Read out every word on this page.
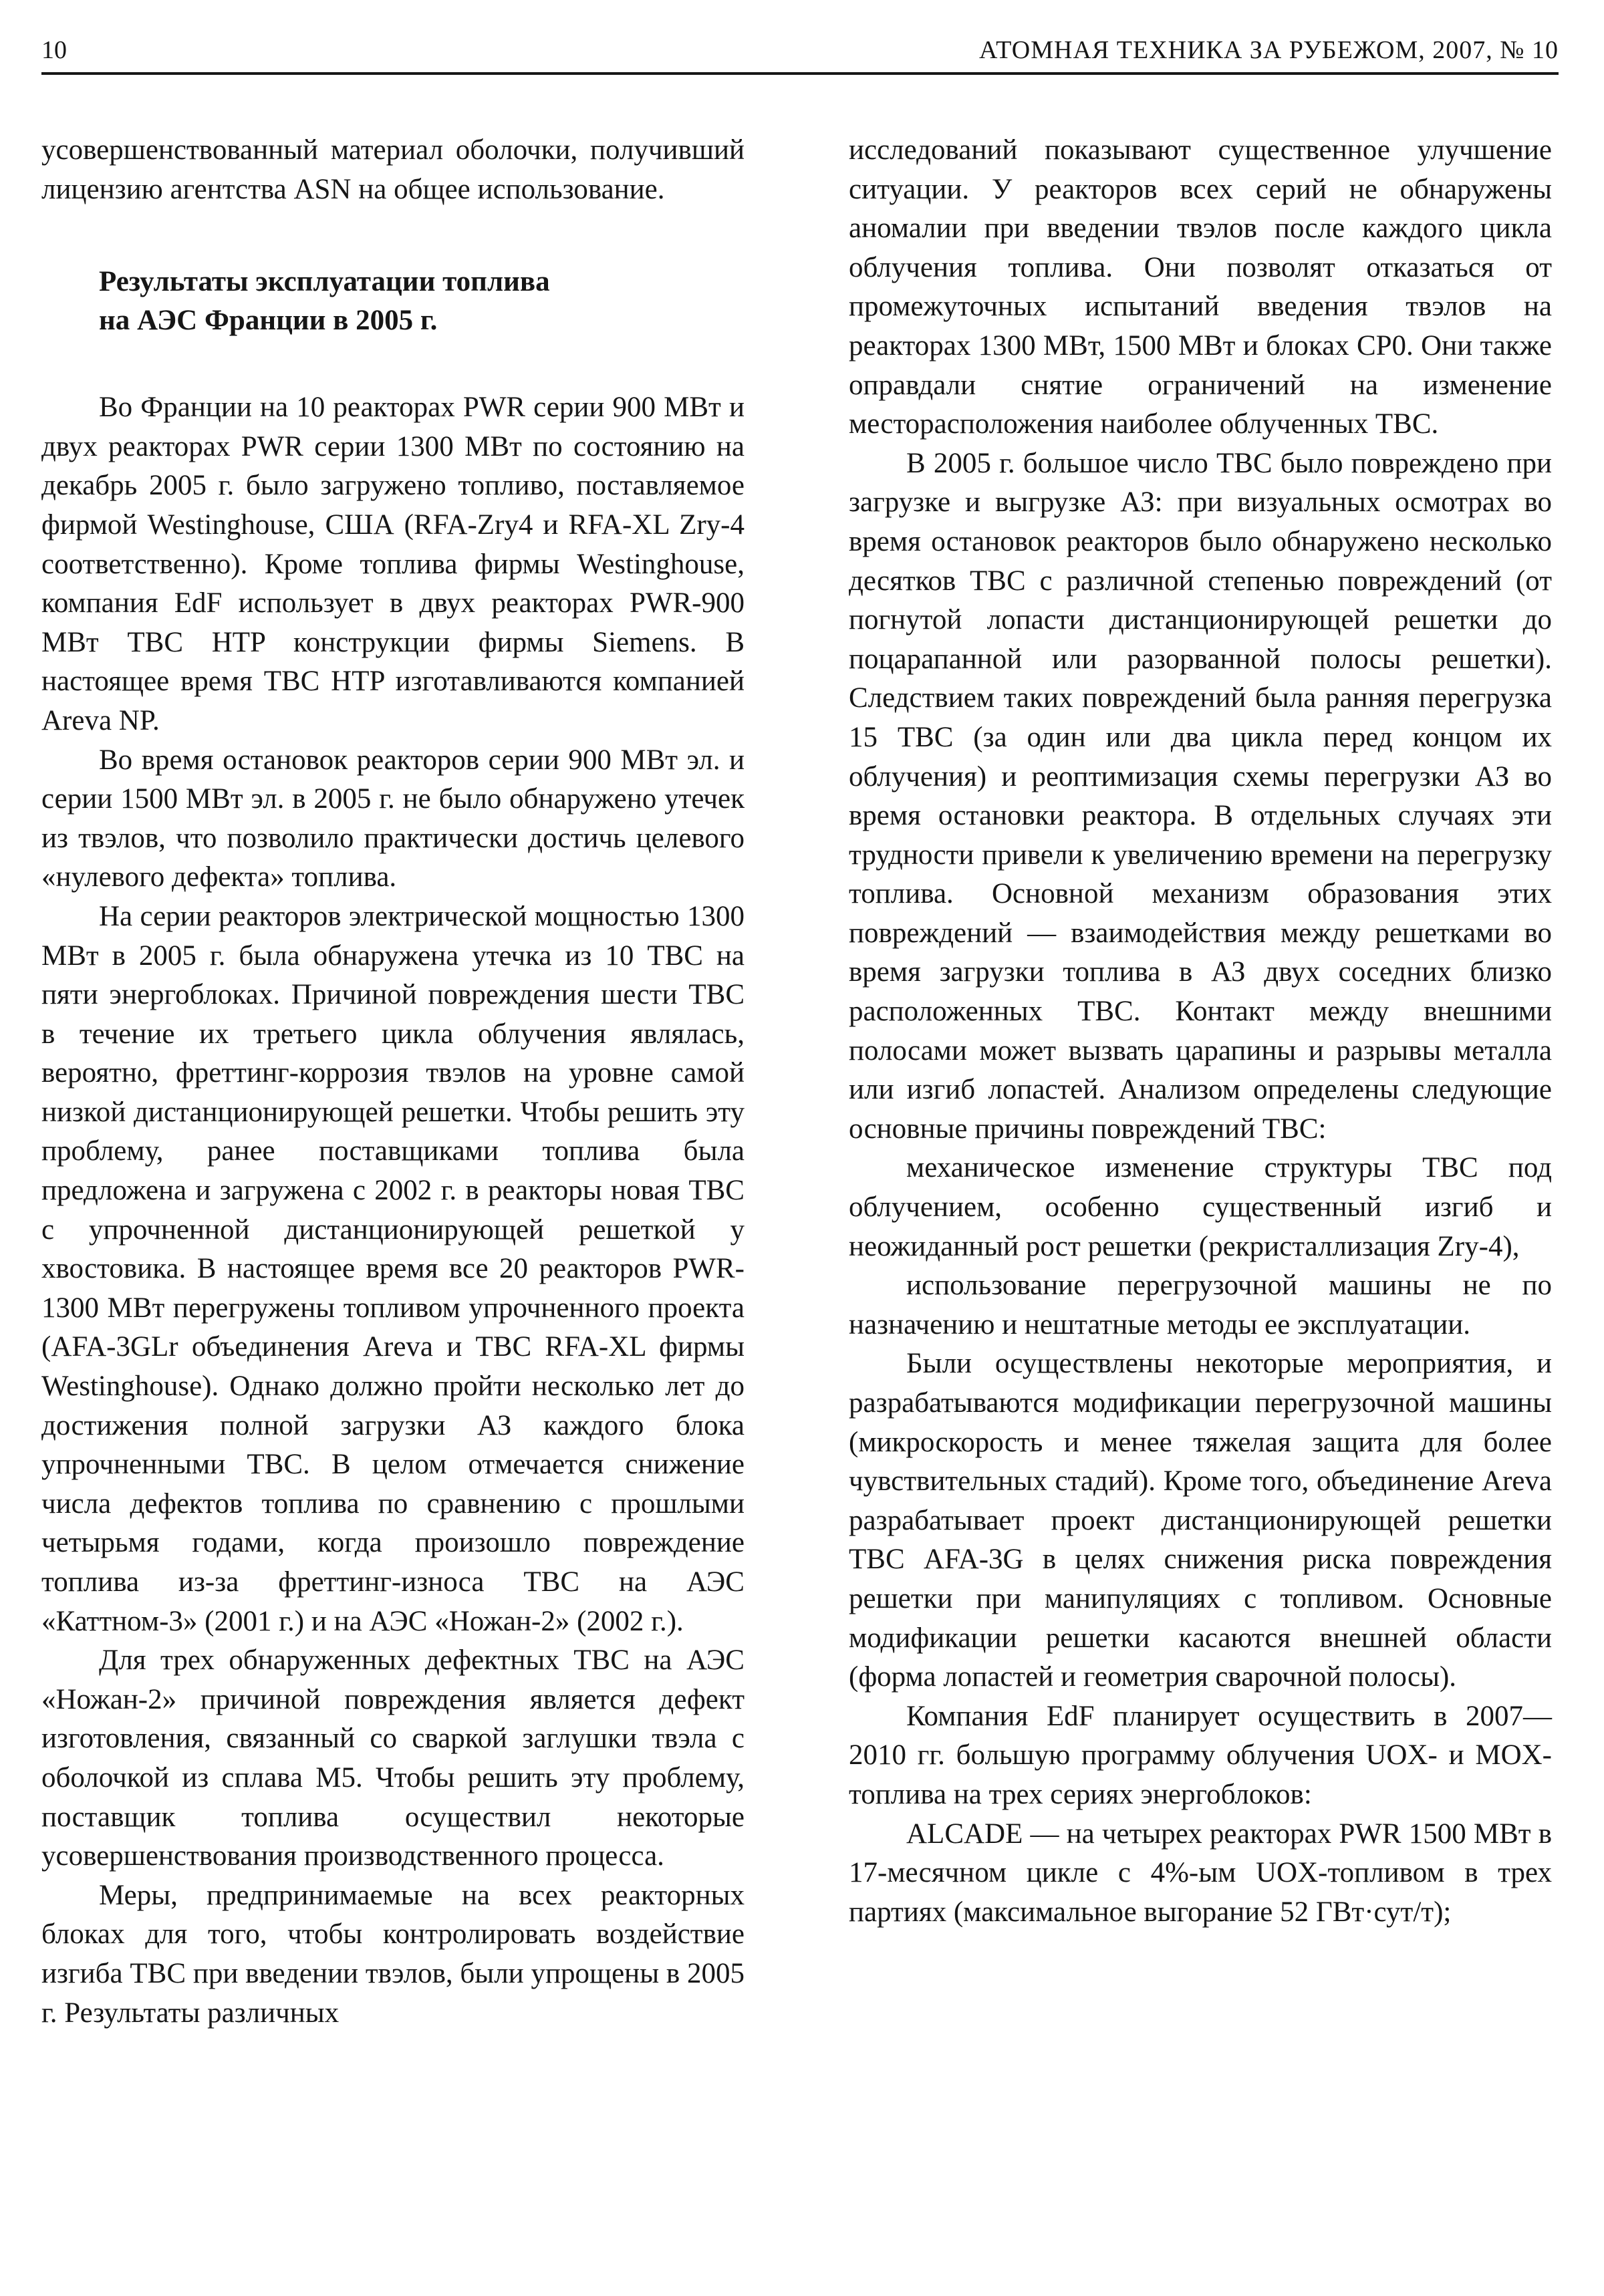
10	АТОМНАЯ ТЕХНИКА ЗА РУБЕЖОМ, 2007, № 10

усовершенствованный материал оболочки, получивший лицензию агентства ASN на общее использование.

Результаты эксплуатации топлива
на АЭС Франции в 2005 г.

Во Франции на 10 реакторах PWR серии 900 МВт и двух реакторах PWR серии 1300 МВт по состоянию на декабрь 2005 г. было загружено топливо, поставляемое фирмой Westinghouse, США (RFA-Zry4 и RFA-XL Zry-4 соответственно). Кроме топлива фирмы Westinghouse, компания EdF использует в двух реакторах PWR-900 МВт ТВС HTP конструкции фирмы Siemens. В настоящее время ТВС HTP изготавливаются компанией Areva NP.

Во время остановок реакторов серии 900 МВт эл. и серии 1500 МВт эл. в 2005 г. не было обнаружено утечек из твэлов, что позволило практически достичь целевого «нулевого дефекта» топлива.

На серии реакторов электрической мощностью 1300 МВт в 2005 г. была обнаружена утечка из 10 ТВС на пяти энергоблоках. Причиной повреждения шести ТВС в течение их третьего цикла облучения являлась, вероятно, фреттинг-коррозия твэлов на уровне самой низкой дистанционирующей решетки. Чтобы решить эту проблему, ранее поставщиками топлива была предложена и загружена с 2002 г. в реакторы новая ТВС с упрочненной дистанционирующей решеткой у хвостовика. В настоящее время все 20 реакторов PWR-1300 МВт перегружены топливом упрочненного проекта (AFA-3GLr объединения Areva и ТВС RFA-XL фирмы Westinghouse). Однако должно пройти несколько лет до достижения полной загрузки АЗ каждого блока упрочненными ТВС. В целом отмечается снижение числа дефектов топлива по сравнению с прошлыми четырьмя годами, когда произошло повреждение топлива из-за фреттинг-износа ТВС на АЭС «Каттном-3» (2001 г.) и на АЭС «Ножан-2» (2002 г.).

Для трех обнаруженных дефектных ТВС на АЭС «Ножан-2» причиной повреждения является дефект изготовления, связанный со сваркой заглушки твэла с оболочкой из сплава M5. Чтобы решить эту проблему, поставщик топлива осуществил некоторые усовершенствования производственного процесса.

Меры, предпринимаемые на всех реакторных блоках для того, чтобы контролировать воздействие изгиба ТВС при введении твэлов, были упрощены в 2005 г. Результаты различных

исследований показывают существенное улучшение ситуации. У реакторов всех серий не обнаружены аномалии при введении твэлов после каждого цикла облучения топлива. Они позволят отказаться от промежуточных испытаний введения твэлов на реакторах 1300 МВт, 1500 МВт и блоках CP0. Они также оправдали снятие ограничений на изменение месторасположения наиболее облученных ТВС.

В 2005 г. большое число ТВС было повреждено при загрузке и выгрузке АЗ: при визуальных осмотрах во время остановок реакторов было обнаружено несколько десятков ТВС с различной степенью повреждений (от погнутой лопасти дистанционирующей решетки до поцарапанной или разорванной полосы решетки). Следствием таких повреждений была ранняя перегрузка 15 ТВС (за один или два цикла перед концом их облучения) и реоптимизация схемы перегрузки АЗ во время остановки реактора. В отдельных случаях эти трудности привели к увеличению времени на перегрузку топлива. Основной механизм образования этих повреждений — взаимодействия между решетками во время загрузки топлива в АЗ двух соседних близко расположенных ТВС. Контакт между внешними полосами может вызвать царапины и разрывы металла или изгиб лопастей. Анализом определены следующие основные причины повреждений ТВС:

механическое изменение структуры ТВС под облучением, особенно существенный изгиб и неожиданный рост решетки (рекристаллизация Zry-4),

использование перегрузочной машины не по назначению и нештатные методы ее эксплуатации.

Были осуществлены некоторые мероприятия, и разрабатываются модификации перегрузочной машины (микроскорость и менее тяжелая защита для более чувствительных стадий). Кроме того, объединение Areva разрабатывает проект дистанционирующей решетки ТВС AFA-3G в целях снижения риска повреждения решетки при манипуляциях с топливом. Основные модификации решетки касаются внешней области (форма лопастей и геометрия сварочной полосы).

Компания EdF планирует осуществить в 2007—2010 гг. большую программу облучения UOX- и MOX-топлива на трех сериях энергоблоков:

ALCADE — на четырех реакторах PWR 1500 МВт в 17-месячном цикле с 4%-ым UOX-топливом в трех партиях (максимальное выгорание 52 ГВт·сут/т);
